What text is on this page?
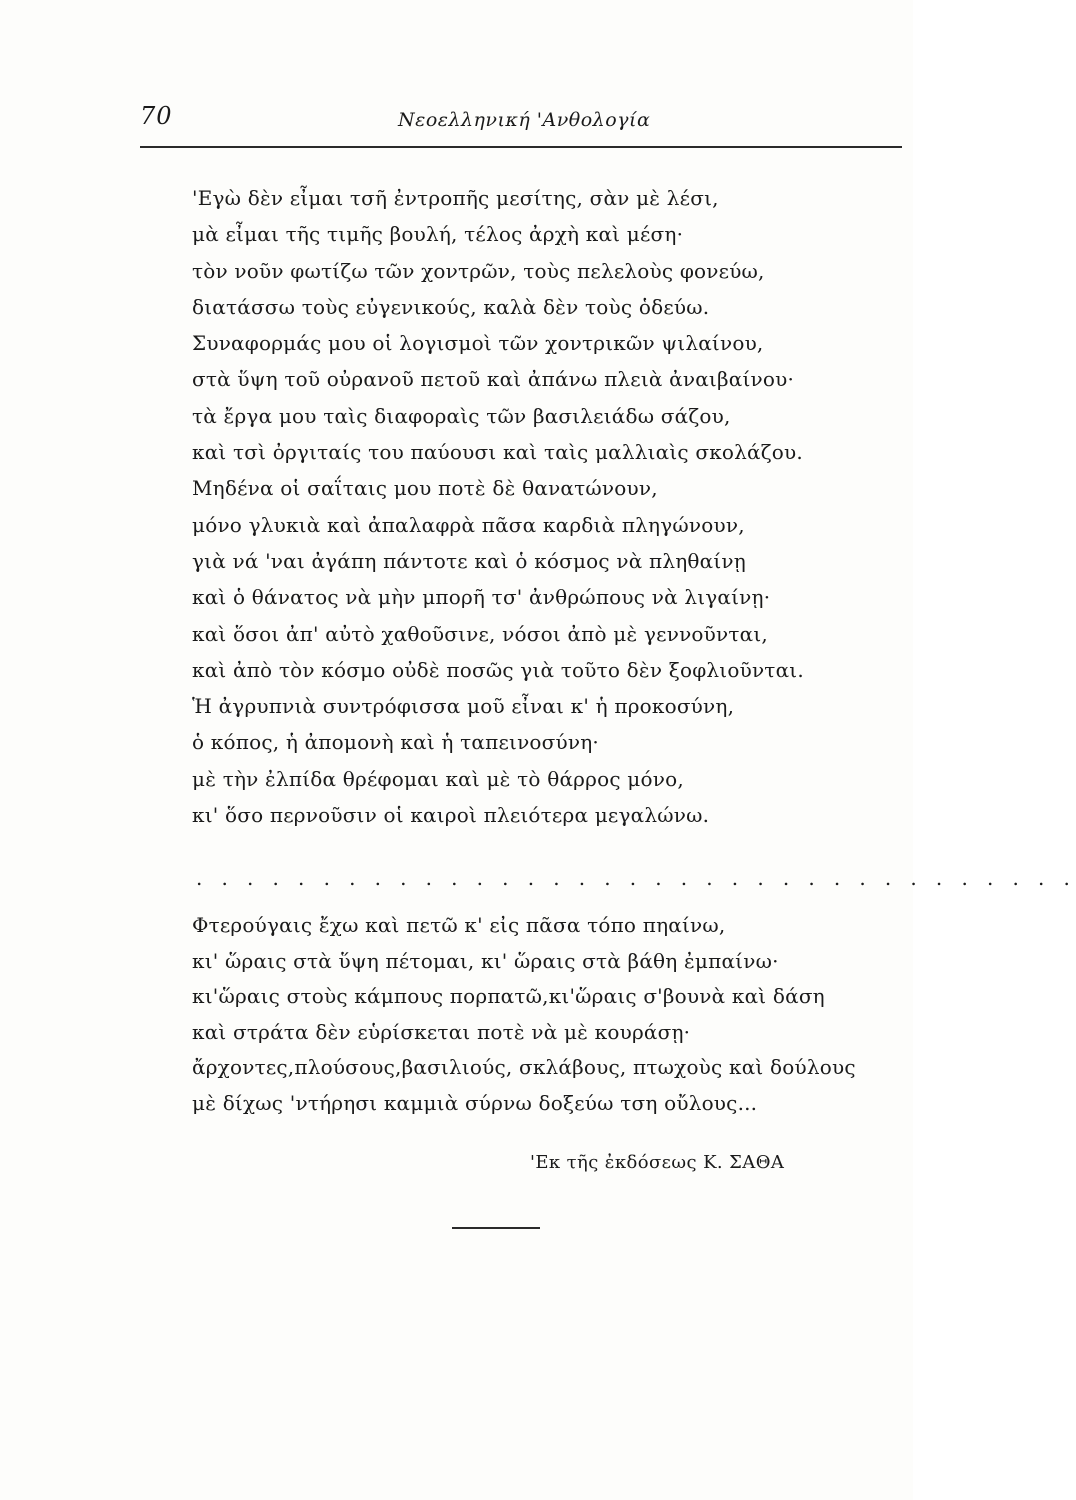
70	Νεοελληνική 'Ανθολογία
'Εγὼ δὲν εἶμαι τσῆ ἐντροπῆς μεσίτης, σὰν μὲ λέσι,
μὰ εἶμαι τῆς τιμῆς βουλή, τέλος ἀρχὴ καὶ μέση·
τὸν νοῦν φωτίζω τῶν χοντρῶν, τοὺς πελελοὺς φονεύω,
διατάσσω τοὺς εὐγενικούς, καλὰ δὲν τοὺς ὁδεύω.
Συναφορμάς μου οἱ λογισμοὶ τῶν χοντρικῶν ψιλαίνου,
στὰ ὕψη τοῦ οὐρανοῦ πετοῦ καὶ ἀπάνω πλειὰ ἀναιβαίνου·
τὰ ἔργα μου ταὶς διαφοραὶς τῶν βασιλειάδω σάζου,
καὶ τσὶ ὀργιταίς του παύουσι καὶ ταὶς μαλλιαὶς σκολάζου.
Μηδένα οἱ σαΐταις μου ποτὲ δὲ θανατώνουν,
μόνο γλυκιὰ καὶ ἀπαλαφρὰ πᾶσα καρδιὰ πληγώνουν,
γιὰ νά 'ναι ἀγάπη πάντοτε καὶ ὁ κόσμος νὰ πληθαίνῃ
καὶ ὁ θάνατος νὰ μὴν μπορῆ τσ' ἀνθρώπους νὰ λιγαίνῃ·
καὶ ὅσοι ἀπ' αὐτὸ χαθοῦσινε, νόσοι ἀπὸ μὲ γεννοῦνται,
καὶ ἀπὸ τὸν κόσμο οὐδὲ ποσῶς γιὰ τοῦτο δὲν ξοφλιοῦνται.
Ἡ ἀγρυπνιὰ συντρόφισσα μοῦ εἶναι κ' ἡ προκοσύνη,
ὁ κόπος, ἡ ἀπομονὴ καὶ ἡ ταπεινοσύνη·
μὲ τὴν ἐλπίδα θρέφομαι καὶ μὲ τὸ θάρρος μόνο,
κι' ὅσο περνοῦσιν οἱ καιροὶ πλειότερα μεγαλώνω.
. . . . . . . . . . . . . . . . . . . . . . . . . . . . . . . . . . .
Φτερούγαις ἔχω καὶ πετῶ κ' εἰς πᾶσα τόπο πηαίνω,
κι' ὥραις στὰ ὕψη πέτομαι, κι' ὥραις στὰ βάθη ἐμπαίνω·
κι'ὥραις στοὺς κάμπους πορπατῶ,κι'ὥραις σ'βουνὰ καὶ δάση
καὶ στράτα δὲν εὑρίσκεται ποτὲ νὰ μὲ κουράσῃ·
ἄρχοντες,πλούσους,βασιλιούς, σκλάβους, πτωχοὺς καὶ δούλους
μὲ δίχως 'ντήρησι καμμιὰ σύρνω δοξεύω τση οὔλους...
'Εκ τῆς ἐκδόσεως Κ. ΣΑΘΑ
